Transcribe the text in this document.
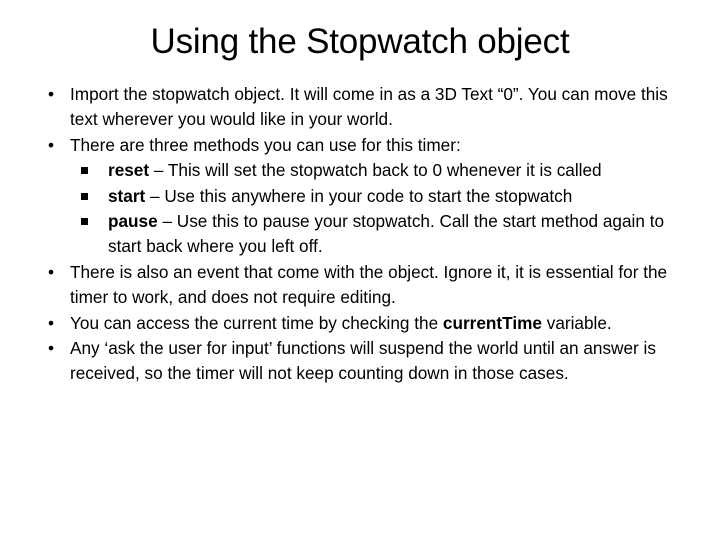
Using the Stopwatch object
• Import the stopwatch object. It will come in as a 3D Text “0”. You can move this text wherever you would like in your world.
• There are three methods you can use for this timer:
reset – This will set the stopwatch back to 0 whenever it is called
start – Use this anywhere in your code to start the stopwatch
pause – Use this to pause your stopwatch. Call the start method again to start back where you left off.
• There is also an event that come with the object. Ignore it, it is essential for the timer to work, and does not require editing.
• You can access the current time by checking the currentTime variable.
• Any ‘ask the user for input’ functions will suspend the world until an answer is received, so the timer will not keep counting down in those cases.
